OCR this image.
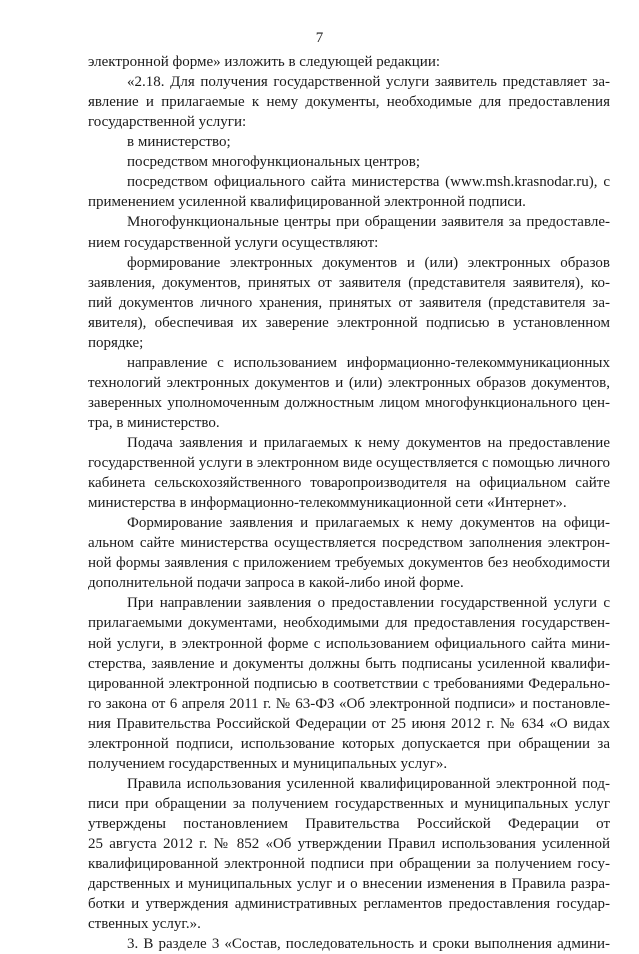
7
электронной форме» изложить в следующей редакции:
«2.18. Для получения государственной услуги заявитель представляет за-
явление и прилагаемые к нему документы, необходимые для предоставления
государственной услуги:
в министерство;
посредством многофункциональных центров;
посредством официального сайта министерства (www.msh.krasnodar.ru), с
применением усиленной квалифицированной электронной подписи.
Многофункциональные центры при обращении заявителя за предоставле-
нием государственной услуги осуществляют:
формирование электронных документов и (или) электронных образов
заявления, документов, принятых от заявителя (представителя заявителя), ко-
пий документов личного хранения, принятых от заявителя (представителя за-
явителя), обеспечивая их заверение электронной подписью в установленном
порядке;
направление с использованием информационно-телекоммуникационных
технологий электронных документов и (или) электронных образов документов,
заверенных уполномоченным должностным лицом многофункционального цен-
тра, в министерство.
Подача заявления и прилагаемых к нему документов на предоставление
государственной услуги в электронном виде осуществляется с помощью личного
кабинета сельскохозяйственного товаропроизводителя на официальном сайте
министерства в информационно-телекоммуникационной сети «Интернет».
Формирование заявления и прилагаемых к нему документов на офици-
альном сайте министерства осуществляется посредством заполнения электрон-
ной формы заявления с приложением требуемых документов без необходимости
дополнительной подачи запроса в какой-либо иной форме.
При направлении заявления о предоставлении государственной услуги с
прилагаемыми документами, необходимыми для предоставления государствен-
ной услуги, в электронной форме с использованием официального сайта мини-
стерства, заявление и документы должны быть подписаны усиленной квалифи-
цированной электронной подписью в соответствии с требованиями Федерально-
го закона от 6 апреля 2011 г. № 63-ФЗ «Об электронной подписи» и постановле-
ния Правительства Российской Федерации от 25 июня 2012 г. № 634 «О видах
электронной подписи, использование которых допускается при обращении за
получением государственных и муниципальных услуг».
Правила использования усиленной квалифицированной электронной под-
писи при обращении за получением государственных и муниципальных услуг
утверждены постановлением Правительства Российской Федерации от
25 августа 2012 г. № 852 «Об утверждении Правил использования усиленной
квалифицированной электронной подписи при обращении за получением госу-
дарственных и муниципальных услуг и о внесении изменения в Правила разра-
ботки и утверждения административных регламентов предоставления государ-
ственных услуг.».
3. В разделе 3 «Состав, последовательность и сроки выполнения админи-
